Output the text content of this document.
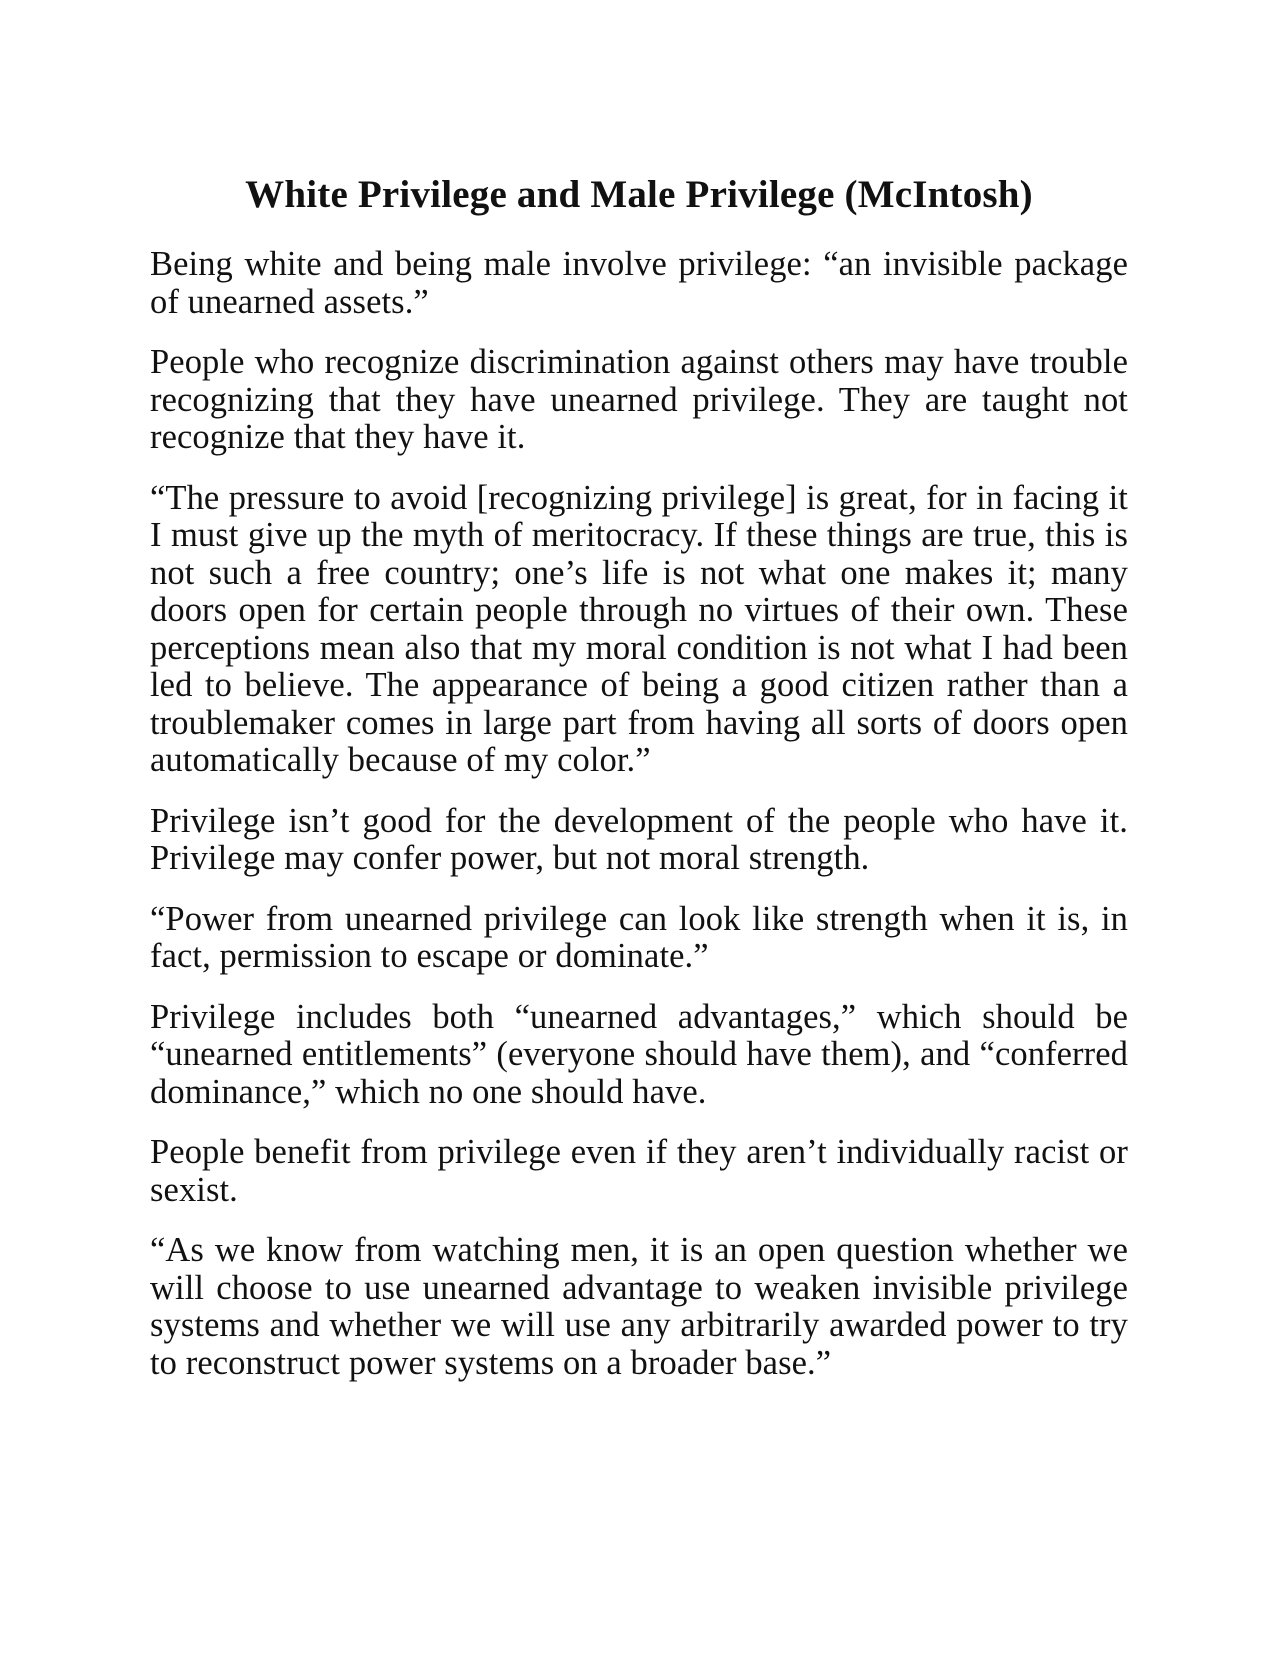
White Privilege and Male Privilege (McIntosh)

Being white and being male involve privilege: “an invisible package of unearned assets.”

People who recognize discrimination against others may have trouble recognizing that they have unearned privilege. They are taught not recognize that they have it.

“The pressure to avoid [recognizing privilege] is great, for in facing it I must give up the myth of meritocracy. If these things are true, this is not such a free country; one’s life is not what one makes it; many doors open for certain people through no virtues of their own. These perceptions mean also that my moral condition is not what I had been led to believe. The appearance of being a good citizen rather than a troublemaker comes in large part from having all sorts of doors open automatically because of my color.”

Privilege isn’t good for the development of the people who have it. Privilege may confer power, but not moral strength.

“Power from unearned privilege can look like strength when it is, in fact, permission to escape or dominate.”

Privilege includes both “unearned advantages,” which should be “unearned entitlements” (everyone should have them), and “conferred dominance,” which no one should have.

People benefit from privilege even if they aren’t individually racist or sexist.

“As we know from watching men, it is an open question whether we will choose to use unearned advantage to weaken invisible privilege systems and whether we will use any arbitrarily awarded power to try to reconstruct power systems on a broader base.”
